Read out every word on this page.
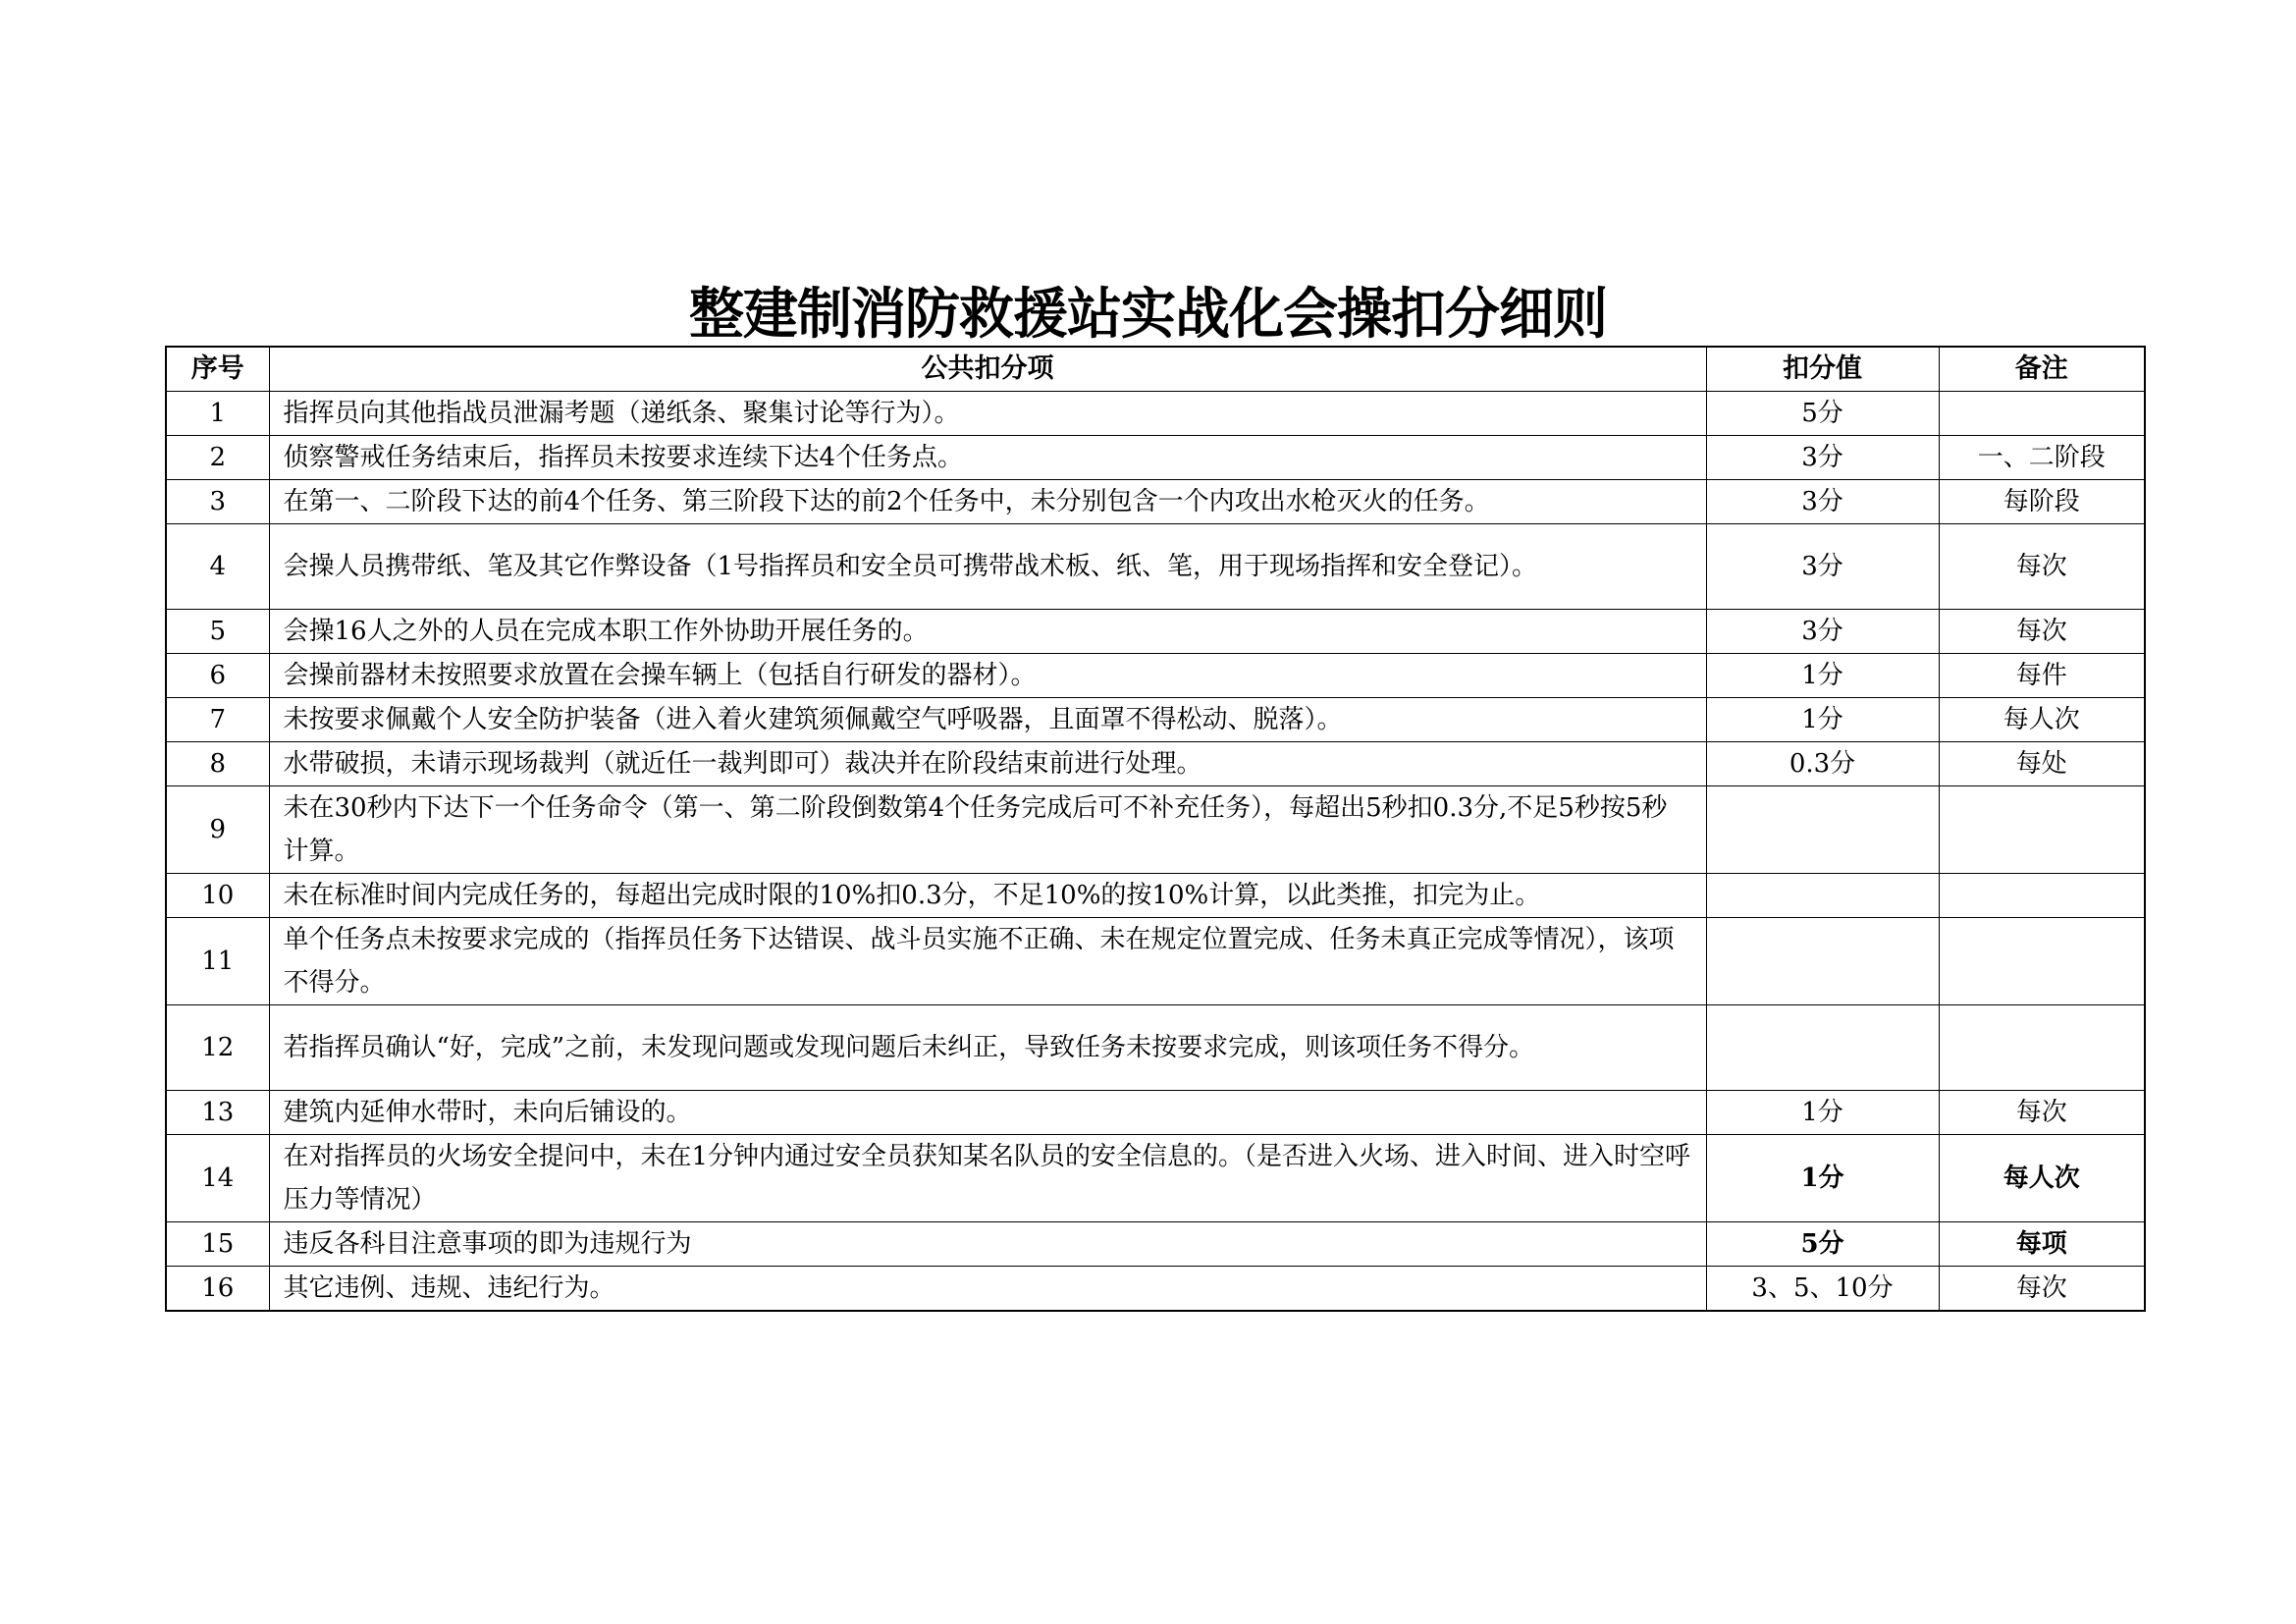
整建制消防救援站实战化会操扣分细则
序号	公共扣分项	扣分值	备注
1	指挥员向其他指战员泄漏考题（递纸条、聚集讨论等行为）。	5分	
2	侦察警戒任务结束后，指挥员未按要求连续下达4个任务点。	3分	一、二阶段
3	在第一、二阶段下达的前4个任务、第三阶段下达的前2个任务中，未分别包含一个内攻出水枪灭火的任务。	3分	每阶段
4	会操人员携带纸、笔及其它作弊设备（1号指挥员和安全员可携带战术板、纸、笔，用于现场指挥和安全登记）。	3分	每次
5	会操16人之外的人员在完成本职工作外协助开展任务的。	3分	每次
6	会操前器材未按照要求放置在会操车辆上（包括自行研发的器材）。	1分	每件
7	未按要求佩戴个人安全防护装备（进入着火建筑须佩戴空气呼吸器，且面罩不得松动、脱落）。	1分	每人次
8	水带破损，未请示现场裁判（就近任一裁判即可）裁决并在阶段结束前进行处理。	0.3分	每处
9	未在30秒内下达下一个任务命令（第一、第二阶段倒数第4个任务完成后可不补充任务），每超出5秒扣0.3分,不足5秒按5秒计算。		
10	未在标准时间内完成任务的，每超出完成时限的10%扣0.3分，不足10%的按10%计算，以此类推，扣完为止。		
11	单个任务点未按要求完成的（指挥员任务下达错误、战斗员实施不正确、未在规定位置完成、任务未真正完成等情况），该项不得分。		
12	若指挥员确认“好，完成”之前，未发现问题或发现问题后未纠正，导致任务未按要求完成，则该项任务不得分。		
13	建筑内延伸水带时，未向后铺设的。	1分	每次
14	在对指挥员的火场安全提问中，未在1分钟内通过安全员获知某名队员的安全信息的。（是否进入火场、进入时间、进入时空呼压力等情况）	1分	每人次
15	违反各科目注意事项的即为违规行为	5分	每项
16	其它违例、违规、违纪行为。	3、5、10分	每次
